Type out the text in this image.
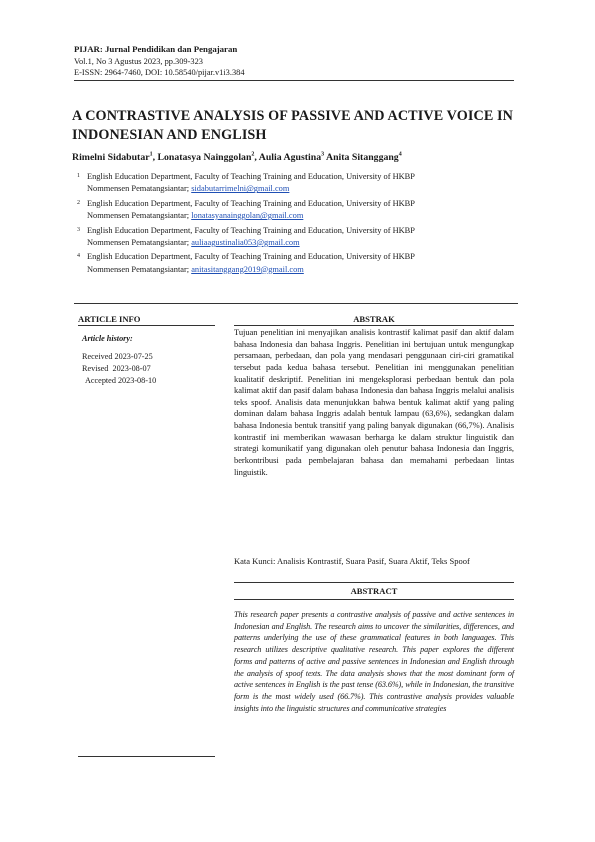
PIJAR: Jurnal Pendidikan dan Pengajaran
Vol.1, No 3 Agustus 2023, pp.309-323
E-ISSN: 2964-7460, DOI: 10.58540/pijar.v1i3.384
A CONTRASTIVE ANALYSIS OF PASSIVE AND ACTIVE VOICE IN INDONESIAN AND ENGLISH
Rimelni Sidabutar$^1$, Lonatasya Nainggolan$^2$, Aulia Agustina$^3$ Anita Sitanggang$^4$
1 English Education Department, Faculty of Teaching Training and Education, University of HKBP
Nommensen Pematangsiantar; sidabutarrimelni@gmail.com
2 English Education Department, Faculty of Teaching Training and Education, University of HKBP
Nommensen Pematangsiantar; lonatasyanainggolan@gmail.com
3 English Education Department, Faculty of Teaching Training and Education, University of HKBP
Nommensen Pematangsiantar; auliaagustinalia053@gmail.com
4 English Education Department, Faculty of Teaching Training and Education, University of HKBP
Nommensen Pematangsiantar; anitasitanggang2019@gmail.com
ARTICLE INFO
Article history:
Received 2023-07-25
Revised  2023-08-07
Accepted 2023-08-10
ABSTRAK
Tujuan penelitian ini menyajikan analisis kontrastif kalimat pasif dan aktif dalam bahasa Indonesia dan bahasa Inggris. Penelitian ini bertujuan untuk mengungkap persamaan, perbedaan, dan pola yang mendasari penggunaan ciri-ciri gramatikal tersebut pada kedua bahasa tersebut. Penelitian ini menggunakan penelitian kualitatif deskriptif. Penelitian ini mengeksplorasi perbedaan bentuk dan pola kalimat aktif dan pasif dalam bahasa Indonesia dan bahasa Inggris melalui analisis teks spoof. Analisis data menunjukkan bahwa bentuk kalimat aktif yang paling dominan dalam bahasa Inggris adalah bentuk lampau (63,6%), sedangkan dalam bahasa Indonesia bentuk transitif yang paling banyak digunakan (66,7%). Analisis kontrastif ini memberikan wawasan berharga ke dalam struktur linguistik dan strategi komunikatif yang digunakan oleh penutur bahasa Indonesia dan Inggris, berkontribusi pada pembelajaran bahasa dan memahami perbedaan lintas linguistik.
Kata Kunci: Analisis Kontrastif, Suara Pasif, Suara Aktif, Teks Spoof
ABSTRACT
This research paper presents a contrastive analysis of passive and active sentences in Indonesian and English. The research aims to uncover the similarities, differences, and patterns underlying the use of these grammatical features in both languages. This research utilizes descriptive qualitative research. This paper explores the different forms and patterns of active and passive sentences in Indonesian and English through the analysis of spoof texts. The data analysis shows that the most dominant form of active sentences in English is the past tense (63.6%), while in Indonesian, the transitive form is the most widely used (66.7%). This contrastive analysis provides valuable insights into the linguistic structures and communicative strategies
